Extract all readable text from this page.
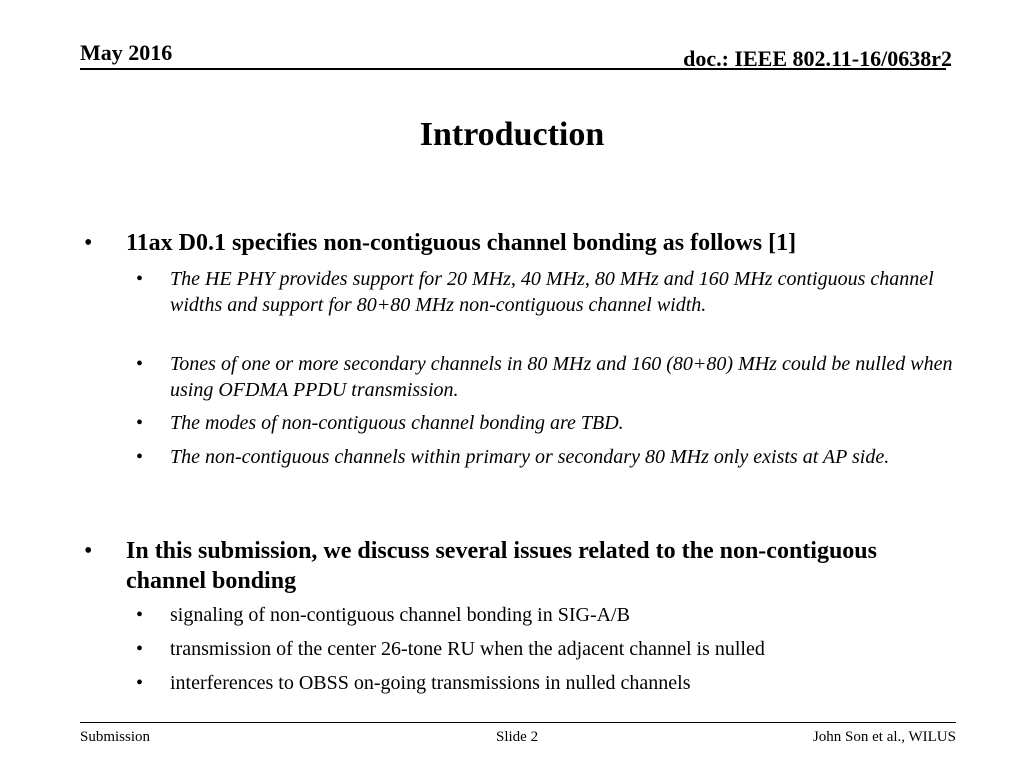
May 2016	doc.: IEEE 802.11-16/0638r2
Introduction
•	11ax D0.1 specifies non-contiguous channel bonding as follows [1]
•	The HE PHY provides support for 20 MHz, 40 MHz, 80 MHz and 160 MHz contiguous channel widths and support for 80+80 MHz non-contiguous channel width.
•	Tones of one or more secondary channels in 80 MHz and 160 (80+80) MHz could be nulled when using OFDMA PPDU transmission.
•	The modes of non-contiguous channel bonding are TBD.
•	The non-contiguous channels within primary or secondary 80 MHz only exists at AP side.
•	In this submission, we discuss several issues related to the non-contiguous channel bonding
•	signaling of non-contiguous channel bonding in SIG-A/B
•	transmission of the center 26-tone RU when the adjacent channel is nulled
•	interferences to OBSS on-going transmissions in nulled channels
Submission	Slide 2	John Son et al., WILUS
